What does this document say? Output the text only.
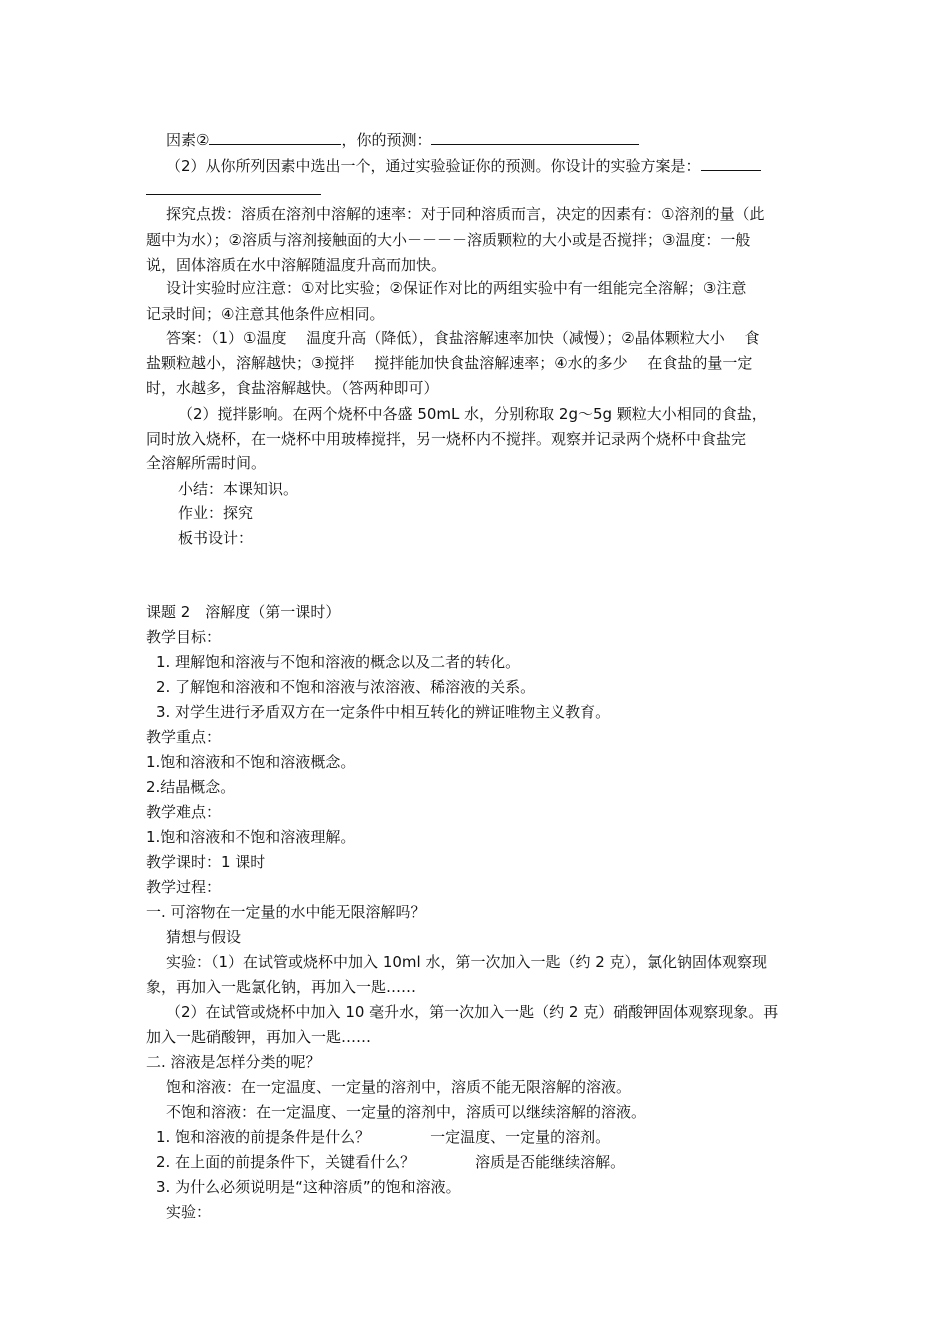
因素②	，你的预测：
（2）从你所列因素中选出一个，通过实验验证你的预测。你设计的实验方案是：
探究点拨：溶质在溶剂中溶解的速率：对于同种溶质而言，决定的因素有：①溶剂的量（此
题中为水）；②溶质与溶剂接触面的大小－－－－溶质颗粒的大小或是否搅拌；③温度：一般
说，固体溶质在水中溶解随温度升高而加快。
设计实验时应注意：①对比实验；②保证作对比的两组实验中有一组能完全溶解；③注意
记录时间；④注意其他条件应相同。
答案：（1）①温度　 温度升高（降低），食盐溶解速率加快（减慢）；②晶体颗粒大小　 食
盐颗粒越小，溶解越快；③搅拌　 搅拌能加快食盐溶解速率；④水的多少　 在食盐的量一定
时，水越多，食盐溶解越快。（答两种即可）
（2）搅拌影响。在两个烧杯中各盛 50mL 水，分别称取 2g～5g 颗粒大小相同的食盐，
同时放入烧杯，在一烧杯中用玻棒搅拌，另一烧杯内不搅拌。观察并记录两个烧杯中食盐完
全溶解所需时间。
小结：本课知识。
作业：探究
板书设计：
课题 2　溶解度（第一课时）
教学目标：
1. 理解饱和溶液与不饱和溶液的概念以及二者的转化。
2. 了解饱和溶液和不饱和溶液与浓溶液、稀溶液的关系。
3. 对学生进行矛盾双方在一定条件中相互转化的辨证唯物主义教育。
教学重点：
1.饱和溶液和不饱和溶液概念。
2.结晶概念。
教学难点：
1.饱和溶液和不饱和溶液理解。
教学课时：1 课时
教学过程：
一. 可溶物在一定量的水中能无限溶解吗？
猜想与假设
实验：（1）在试管或烧杯中加入 10ml 水，第一次加入一匙（约 2 克），氯化钠固体观察现
象，再加入一匙氯化钠，再加入一匙……
（2）在试管或烧杯中加入 10 毫升水，第一次加入一匙（约 2 克）硝酸钾固体观察现象。再
加入一匙硝酸钾，再加入一匙……
二. 溶液是怎样分类的呢？
饱和溶液：在一定温度、一定量的溶剂中，溶质不能无限溶解的溶液。
不饱和溶液：在一定温度、一定量的溶剂中，溶质可以继续溶解的溶液。
1. 饱和溶液的前提条件是什么？	一定温度、一定量的溶剂。
2. 在上面的前提条件下，关键看什么？	溶质是否能继续溶解。
3. 为什么必须说明是“这种溶质”的饱和溶液。
实验：
